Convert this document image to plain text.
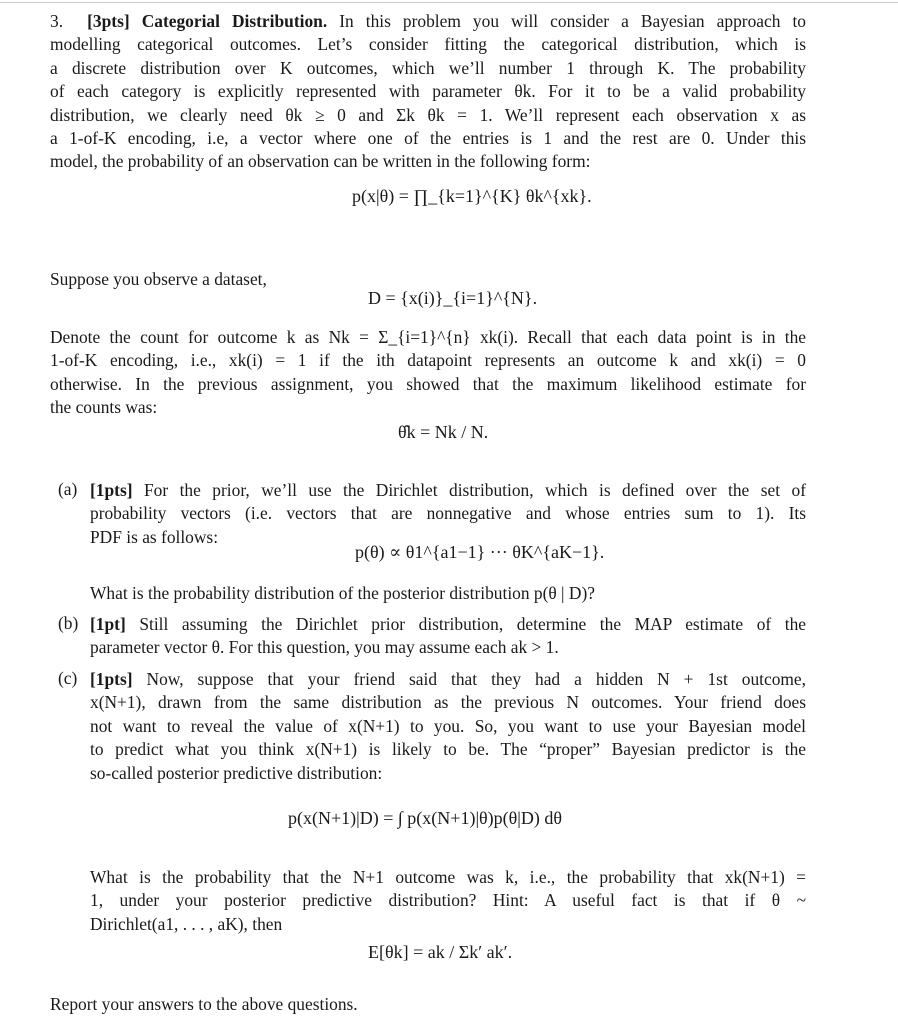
3. [3pts] Categorial Distribution. In this problem you will consider a Bayesian approach to
modelling categorical outcomes. Let’s consider fitting the categorical distribution, which is
a discrete distribution over K outcomes, which we’ll number 1 through K. The probability
of each category is explicitly represented with parameter θk. For it to be a valid probability
distribution, we clearly need θk ≥ 0 and Σk θk = 1. We’ll represent each observation x as
a 1-of-K encoding, i.e, a vector where one of the entries is 1 and the rest are 0. Under this
model, the probability of an observation can be written in the following form:
p(x|θ) = ∏_{k=1}^{K} θk^{xk}.
Suppose you observe a dataset,
D = {x(i)}_{i=1}^{N}.
Denote the count for outcome k as Nk = Σ_{i=1}^{n} xk(i). Recall that each data point is in the
1-of-K encoding, i.e., xk(i) = 1 if the ith datapoint represents an outcome k and xk(i) = 0
otherwise. In the previous assignment, you showed that the maximum likelihood estimate for
the counts was:
θ̂k = Nk / N.
(a) [1pts] For the prior, we’ll use the Dirichlet distribution, which is defined over the set of
probability vectors (i.e. vectors that are nonnegative and whose entries sum to 1). Its
PDF is as follows:
p(θ) ∝ θ1^{a1−1} ··· θK^{aK−1}.
What is the probability distribution of the posterior distribution p(θ | D)?
(b) [1pt] Still assuming the Dirichlet prior distribution, determine the MAP estimate of the
parameter vector θ. For this question, you may assume each ak > 1.
(c) [1pts] Now, suppose that your friend said that they had a hidden N + 1st outcome,
x(N+1), drawn from the same distribution as the previous N outcomes. Your friend does
not want to reveal the value of x(N+1) to you. So, you want to use your Bayesian model
to predict what you think x(N+1) is likely to be. The “proper” Bayesian predictor is the
so-called posterior predictive distribution:
p(x(N+1)|D) = ∫ p(x(N+1)|θ)p(θ|D) dθ
What is the probability that the N+1 outcome was k, i.e., the probability that xk(N+1) =
1, under your posterior predictive distribution? Hint: A useful fact is that if θ ~
Dirichlet(a1, . . . , aK), then
E[θk] = ak / Σk′ ak′.
Report your answers to the above questions.
